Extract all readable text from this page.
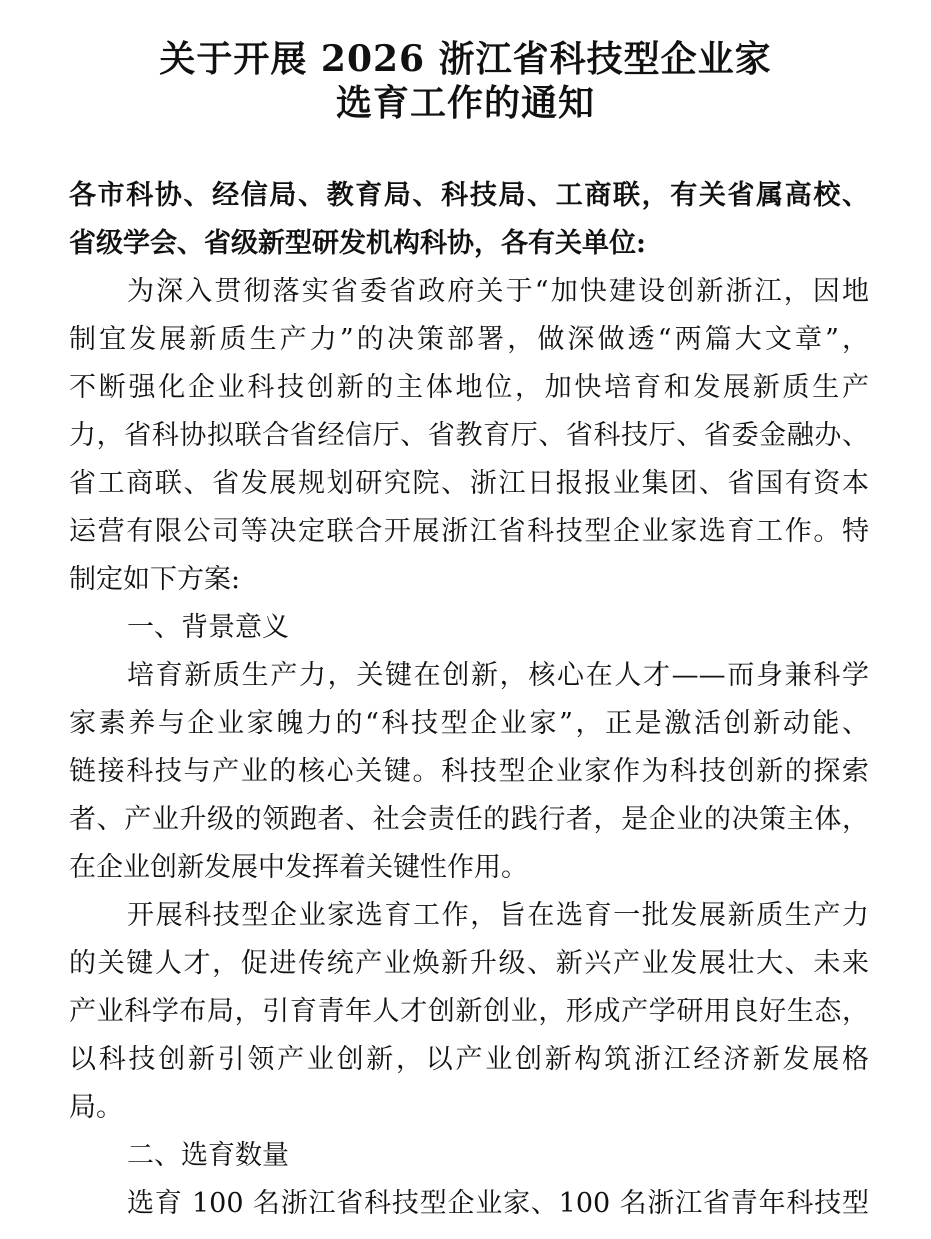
关于开展 2026 浙江省科技型企业家
选育工作的通知
各市科协、经信局、教育局、科技局、工商联，有关省属高校、
省级学会、省级新型研发机构科协，各有关单位:
为深入贯彻落实省委省政府关于“加快建设创新浙江，因地
制宜发展新质生产力”的决策部署，做深做透“两篇大文章”，
不断强化企业科技创新的主体地位，加快培育和发展新质生产
力，省科协拟联合省经信厅、省教育厅、省科技厅、省委金融办、
省工商联、省发展规划研究院、浙江日报报业集团、省国有资本
运营有限公司等决定联合开展浙江省科技型企业家选育工作。特
制定如下方案:
一、背景意义
培育新质生产力，关键在创新，核心在人才——而身兼科学
家素养与企业家魄力的“科技型企业家”，正是激活创新动能、
链接科技与产业的核心关键。科技型企业家作为科技创新的探索
者、产业升级的领跑者、社会责任的践行者，是企业的决策主体，
在企业创新发展中发挥着关键性作用。
开展科技型企业家选育工作，旨在选育一批发展新质生产力
的关键人才，促进传统产业焕新升级、新兴产业发展壮大、未来
产业科学布局，引育青年人才创新创业，形成产学研用良好生态，
以科技创新引领产业创新，以产业创新构筑浙江经济新发展格
局。
二、选育数量
选育 100 名浙江省科技型企业家、100 名浙江省青年科技型
